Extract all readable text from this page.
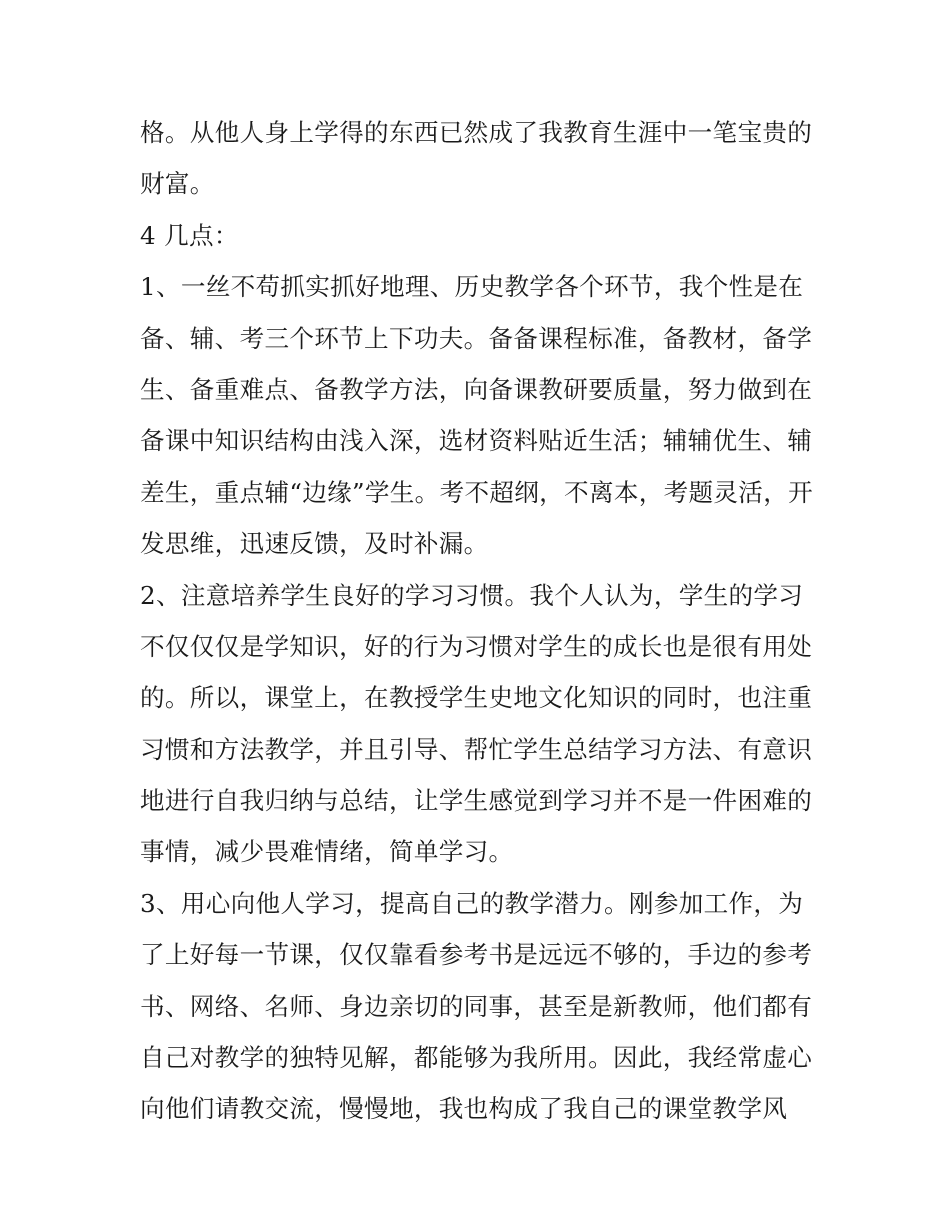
格。从他人身上学得的东西已然成了我教育生涯中一笔宝贵的
财富。
4 几点：
1、一丝不苟抓实抓好地理、历史教学各个环节，我个性是在
备、辅、考三个环节上下功夫。备备课程标准，备教材，备学
生、备重难点、备教学方法，向备课教研要质量，努力做到在
备课中知识结构由浅入深，选材资料贴近生活；辅辅优生、辅
差生，重点辅“边缘”学生。考不超纲，不离本，考题灵活，开
发思维，迅速反馈，及时补漏。
2、注意培养学生良好的学习习惯。我个人认为，学生的学习
不仅仅仅是学知识，好的行为习惯对学生的成长也是很有用处
的。所以，课堂上，在教授学生史地文化知识的同时，也注重
习惯和方法教学，并且引导、帮忙学生总结学习方法、有意识
地进行自我归纳与总结，让学生感觉到学习并不是一件困难的
事情，减少畏难情绪，简单学习。
3、用心向他人学习，提高自己的教学潜力。刚参加工作，为
了上好每一节课，仅仅靠看参考书是远远不够的，手边的参考
书、网络、名师、身边亲切的同事，甚至是新教师，他们都有
自己对教学的独特见解，都能够为我所用。因此，我经常虚心
向他们请教交流，慢慢地，我也构成了我自己的课堂教学风
